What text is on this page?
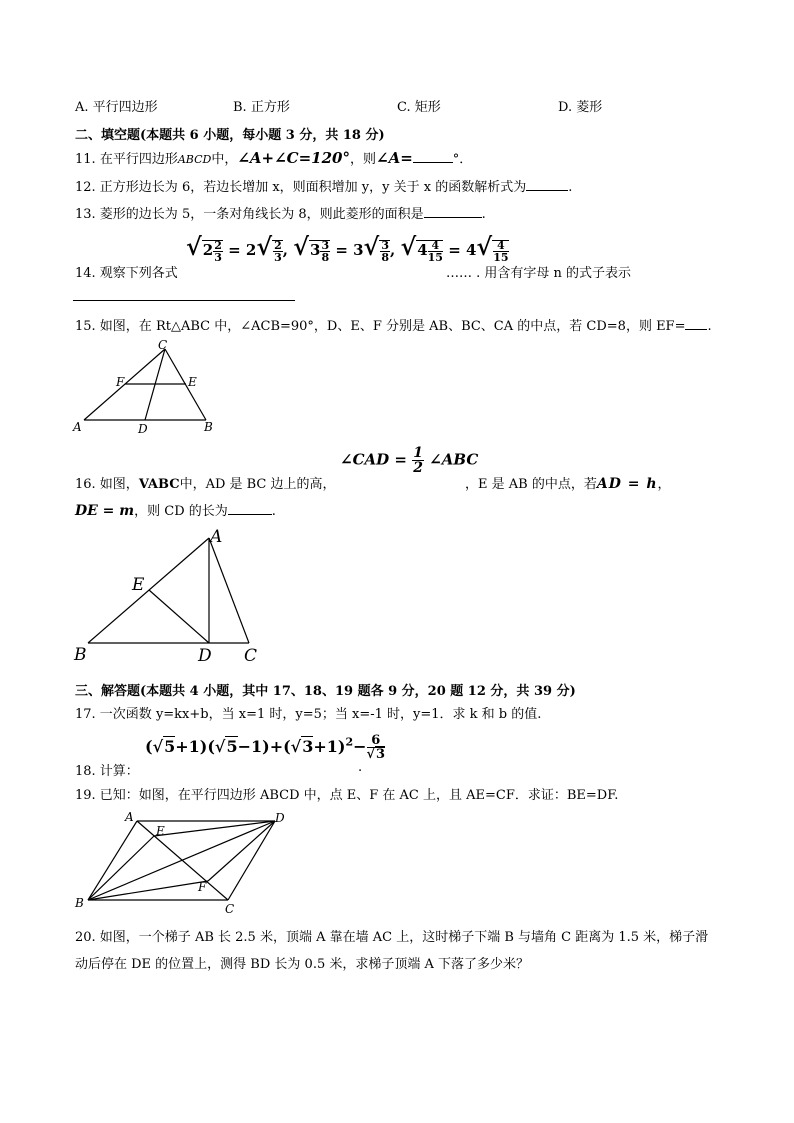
A. 平行四边形	B. 正方形	C. 矩形	D. 菱形
二、填空题(本题共 6 小题，每小题 3 分，共 18 分)
11. 在平行四边形ABCD中，∠A+∠C=120°，则∠A=	°．
12. 正方形边长为 6，若边长增加 x，则面积增加 y，y 关于 x 的函数解析式为	.
13. 菱形的边长为 5，一条对角线长为 8，则此菱形的面积是	.
14. 观察下列各式
$√2 \frac{2}{3} = 2√ \frac{2}{3}$ , $√3 \frac{3}{8} = 3√ \frac{3}{8}$ , $√4 \frac{4}{15} = 4√ \frac{4}{15}$
…… . 用含有字母 n 的式子表示
15. 如图，在 Rt△ABC 中，∠ACB=90°，D、E、F 分别是 AB、BC、CA 的中点，若 CD=8，则 EF= .
A	B
C
D
E
F
16. 如图，VABC中，AD 是 BC 边上的高，
∠CAD = $\frac{1}{2}$ ∠ABC
，E 是 AB 的中点，若AD = h，
DE = m，则 CD 的长为	.
A
B	C
D
E
三、解答题(本题共 4 小题，其中 17、18、19 题各 9 分，20 题 12 分，共 39 分)
17. 一次函数 y=kx+b，当 x=1 时，y=5；当 x=-1 时，y=1．求 k 和 b 的值.
18. 计算：
$(√5+1)(√5-1)+(√3+1)^2- \frac{6}{√3}$
.
19. 已知：如图，在平行四边形 ABCD 中，点 E、F 在 AC 上，且 AE=CF．求证：BE=DF.
A
B	C
D
E
F
20. 如图，一个梯子 AB 长 2.5 米，顶端 A 靠在墙 AC 上，这时梯子下端 B 与墙角 C 距离为 1.5 米，梯子滑
动后停在 DE 的位置上，测得 BD 长为 0.5 米，求梯子顶端 A 下落了多少米？
